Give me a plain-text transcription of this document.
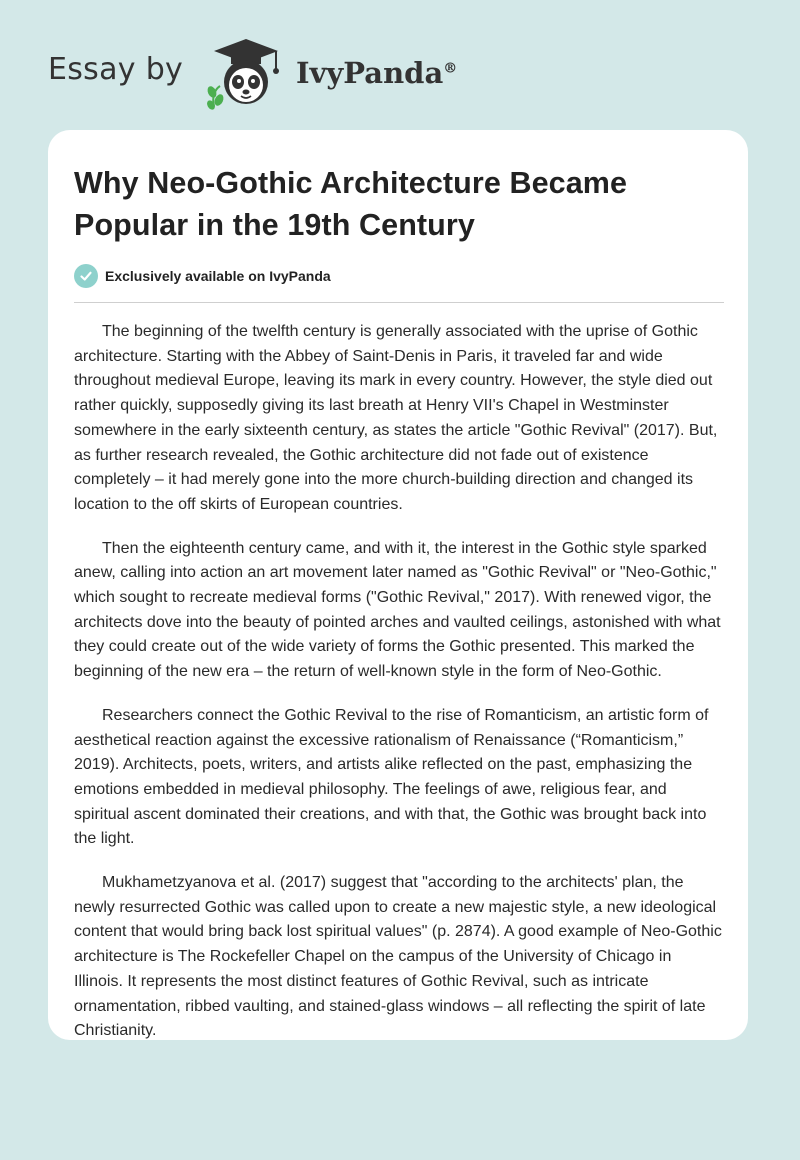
Essay by	IvyPanda®
Why Neo-Gothic Architecture Became Popular in the 19th Century
Exclusively available on IvyPanda

The beginning of the twelfth century is generally associated with the uprise of Gothic architecture. Starting with the Abbey of Saint-Denis in Paris, it traveled far and wide throughout medieval Europe, leaving its mark in every country. However, the style died out rather quickly, supposedly giving its last breath at Henry VII's Chapel in Westminster somewhere in the early sixteenth century, as states the article "Gothic Revival" (2017). But, as further research revealed, the Gothic architecture did not fade out of existence completely – it had merely gone into the more church-building direction and changed its location to the off skirts of European countries.

Then the eighteenth century came, and with it, the interest in the Gothic style sparked anew, calling into action an art movement later named as "Gothic Revival" or "Neo-Gothic," which sought to recreate medieval forms ("Gothic Revival," 2017). With renewed vigor, the architects dove into the beauty of pointed arches and vaulted ceilings, astonished with what they could create out of the wide variety of forms the Gothic presented. This marked the beginning of the new era – the return of well-known style in the form of Neo-Gothic.

Researchers connect the Gothic Revival to the rise of Romanticism, an artistic form of aesthetical reaction against the excessive rationalism of Renaissance (“Romanticism,” 2019). Architects, poets, writers, and artists alike reflected on the past, emphasizing the emotions embedded in medieval philosophy. The feelings of awe, religious fear, and spiritual ascent dominated their creations, and with that, the Gothic was brought back into the light.

Mukhametzyanova et al. (2017) suggest that "according to the architects' plan, the newly resurrected Gothic was called upon to create a new majestic style, a new ideological content that would bring back lost spiritual values" (p. 2874). A good example of Neo-Gothic architecture is The Rockefeller Chapel on the campus of the University of Chicago in Illinois. It represents the most distinct features of Gothic Revival, such as intricate ornamentation, ribbed vaulting, and stained-glass windows – all reflecting the spirit of late Christianity.
